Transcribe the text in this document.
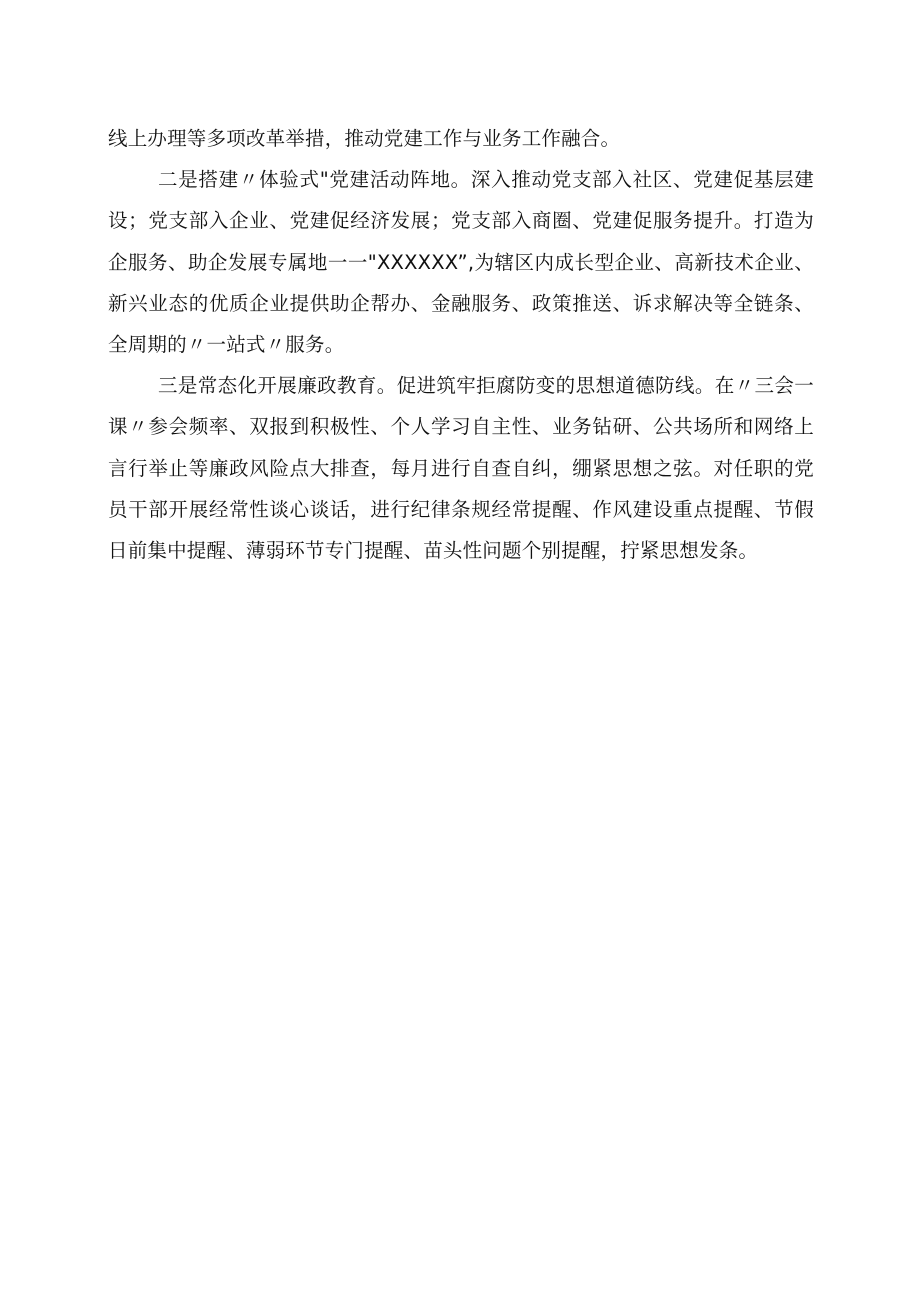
线上办理等多项改革举措，推动党建工作与业务工作融合。
二是搭建〃体验式"党建活动阵地。深入推动党支部入社区、党建促基层建
设；党支部入企业、党建促经济发展；党支部入商圈、党建促服务提升。打造为
企服务、助企发展专属地一一"XXXXXX”,为辖区内成长型企业、高新技术企业、
新兴业态的优质企业提供助企帮办、金融服务、政策推送、诉求解决等全链条、
全周期的〃一站式〃服务。
三是常态化开展廉政教育。促进筑牢拒腐防变的思想道德防线。在〃三会一
课〃参会频率、双报到积极性、个人学习自主性、业务钻研、公共场所和网络上
言行举止等廉政风险点大排查，每月进行自查自纠，绷紧思想之弦。对任职的党
员干部开展经常性谈心谈话，进行纪律条规经常提醒、作风建设重点提醒、节假
日前集中提醒、薄弱环节专门提醒、苗头性问题个别提醒，拧紧思想发条。
